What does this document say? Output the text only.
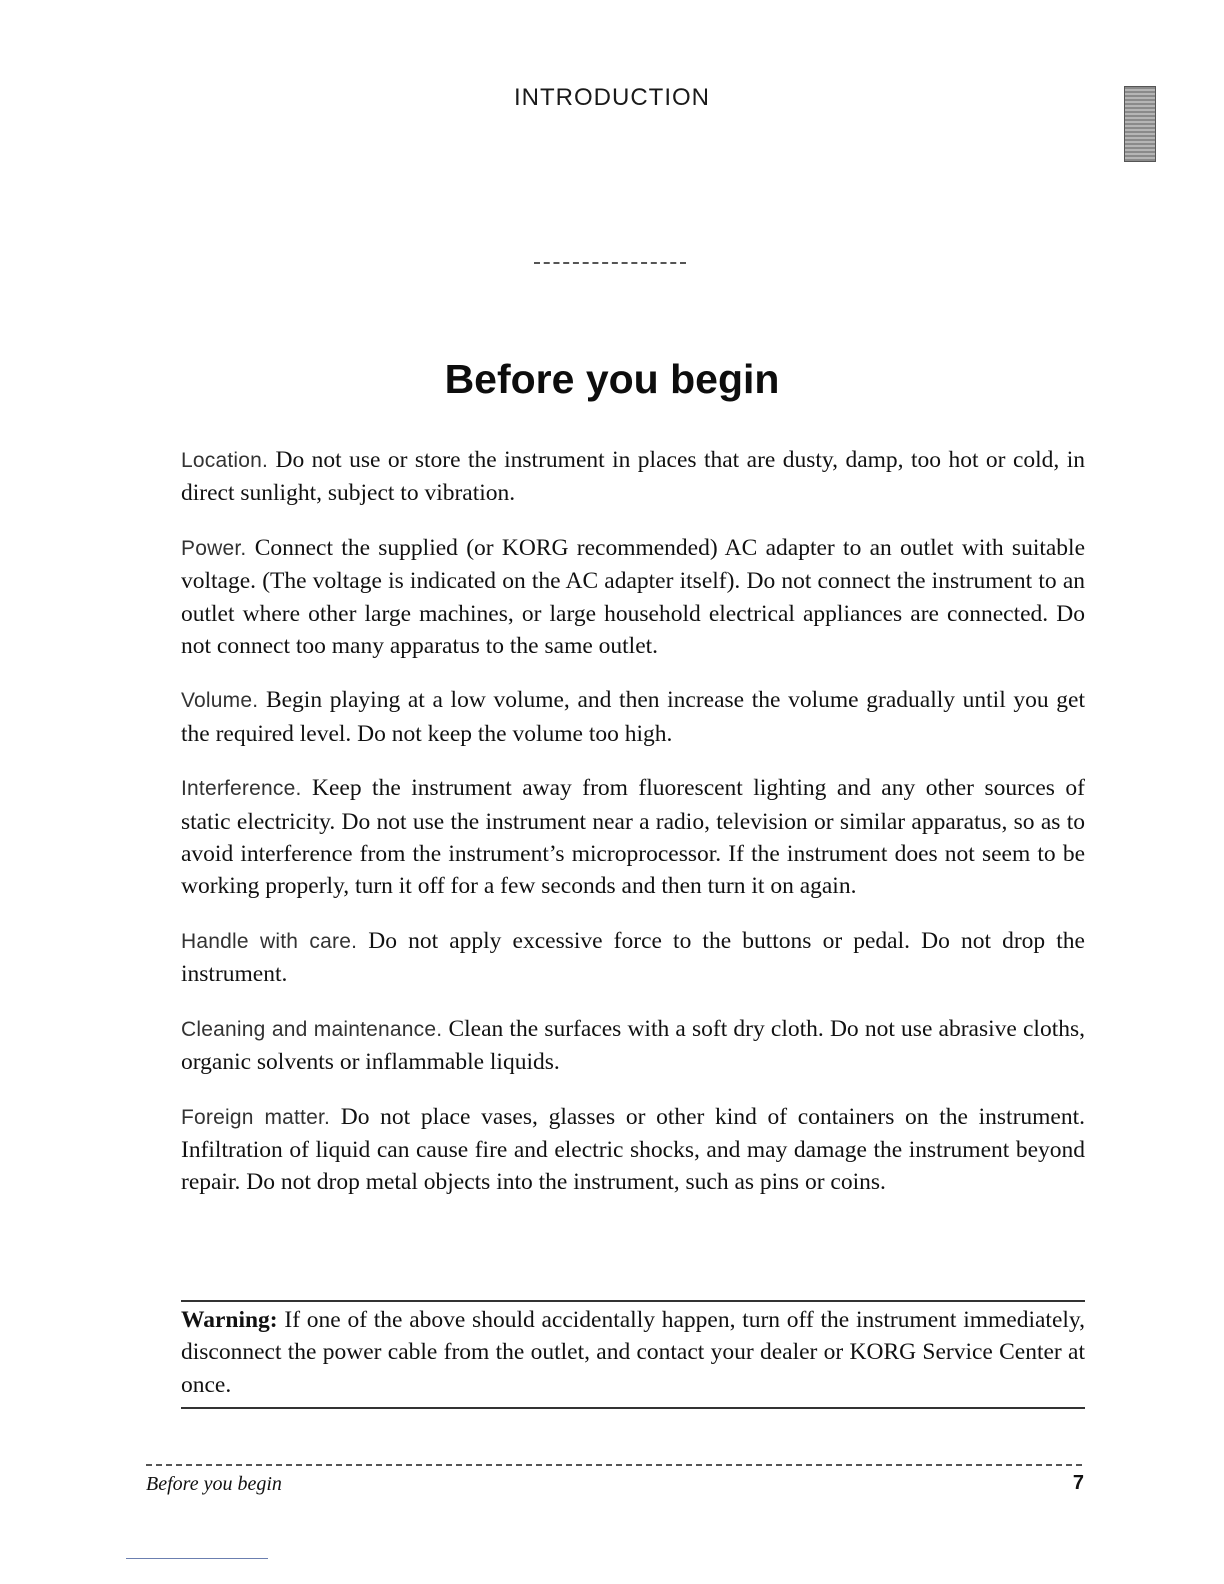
INTRODUCTION
Before you begin

Location. Do not use or store the instrument in places that are dusty, damp, too hot or cold, in direct sunlight, subject to vibration.

Power. Connect the supplied (or KORG recommended) AC adapter to an outlet with suitable voltage. (The voltage is indicated on the AC adapter itself). Do not connect the instrument to an outlet where other large machines, or large household electrical appliances are connected. Do not connect too many apparatus to the same outlet.

Volume. Begin playing at a low volume, and then increase the volume gradually until you get the required level. Do not keep the volume too high.

Interference. Keep the instrument away from fluorescent lighting and any other sources of static electricity. Do not use the instrument near a radio, television or similar apparatus, so as to avoid interference from the instrument’s microprocessor. If the instrument does not seem to be working properly, turn it off for a few seconds and then turn it on again.

Handle with care. Do not apply excessive force to the buttons or pedal. Do not drop the instrument.

Cleaning and maintenance. Clean the surfaces with a soft dry cloth. Do not use abrasive cloths, organic solvents or inflammable liquids.

Foreign matter. Do not place vases, glasses or other kind of containers on the instrument. Infiltration of liquid can cause fire and electric shocks, and may damage the instrument beyond repair. Do not drop metal objects into the instrument, such as pins or coins.

Warning: If one of the above should accidentally happen, turn off the instrument immediately, disconnect the power cable from the outlet, and contact your dealer or KORG Service Center at once.

Before you begin	7
